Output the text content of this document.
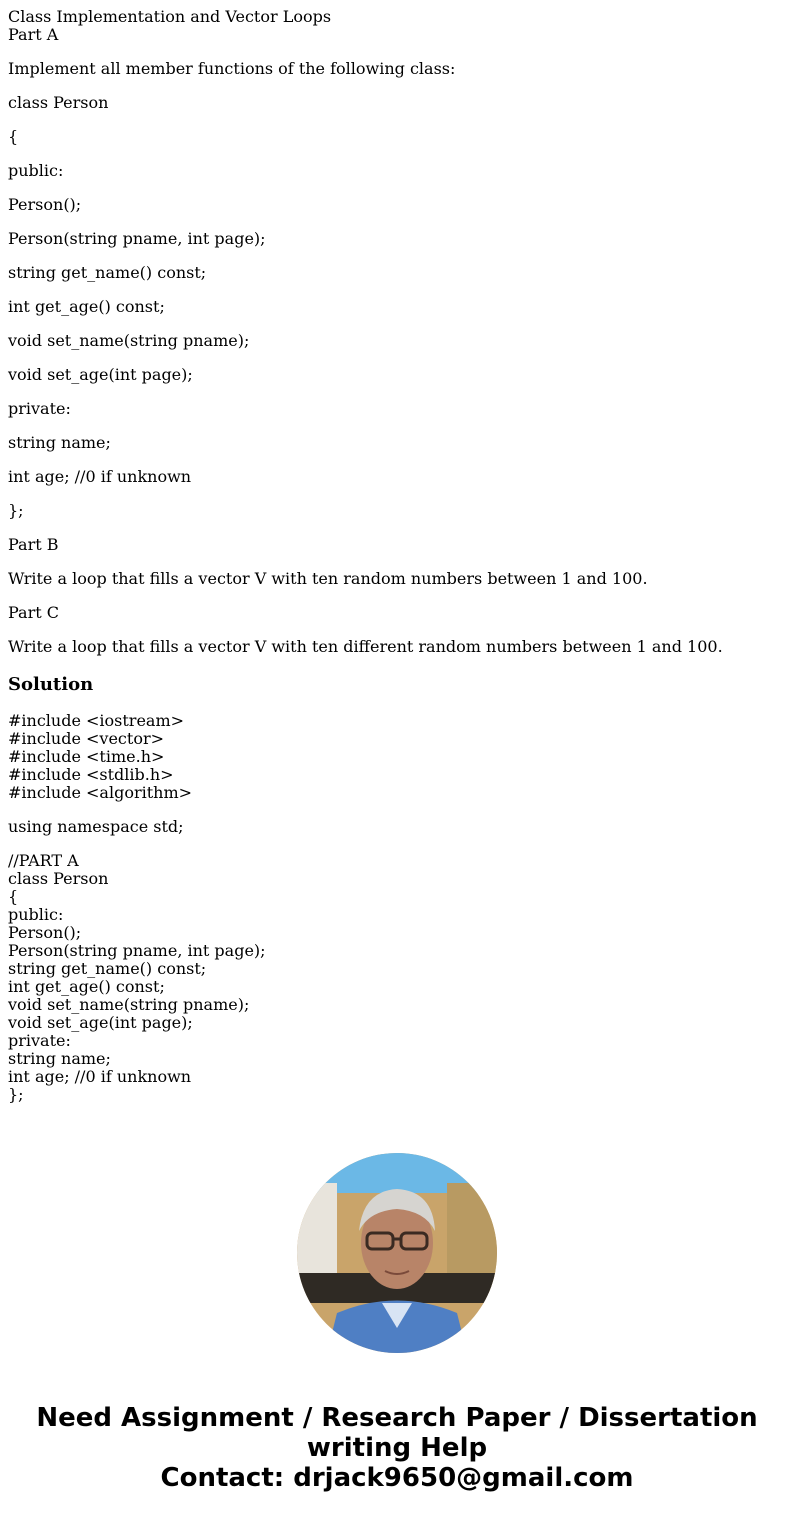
Class Implementation and Vector Loops
Part A

Implement all member functions of the following class:

class Person

{

public:

Person();

Person(string pname, int page);

string get_name() const;

int get_age() const;

void set_name(string pname);

void set_age(int page);

private:

string name;

int age; //0 if unknown

};

Part B

Write a loop that fills a vector V with ten random numbers between 1 and 100.

Part C

Write a loop that fills a vector V with ten different random numbers between 1 and 100.

Solution
#include <iostream>
#include <vector>
#include <time.h>
#include <stdlib.h>
#include <algorithm>
using namespace std;
//PART A
class Person
{
public:
Person();
Person(string pname, int page);
string get_name() const;
int get_age() const;
void set_name(string pname);
void set_age(int page);
private:
string name;
int age; //0 if unknown
};
Need Assignment / Research Paper / Dissertation
writing Help
Contact: drjack9650@gmail.com
